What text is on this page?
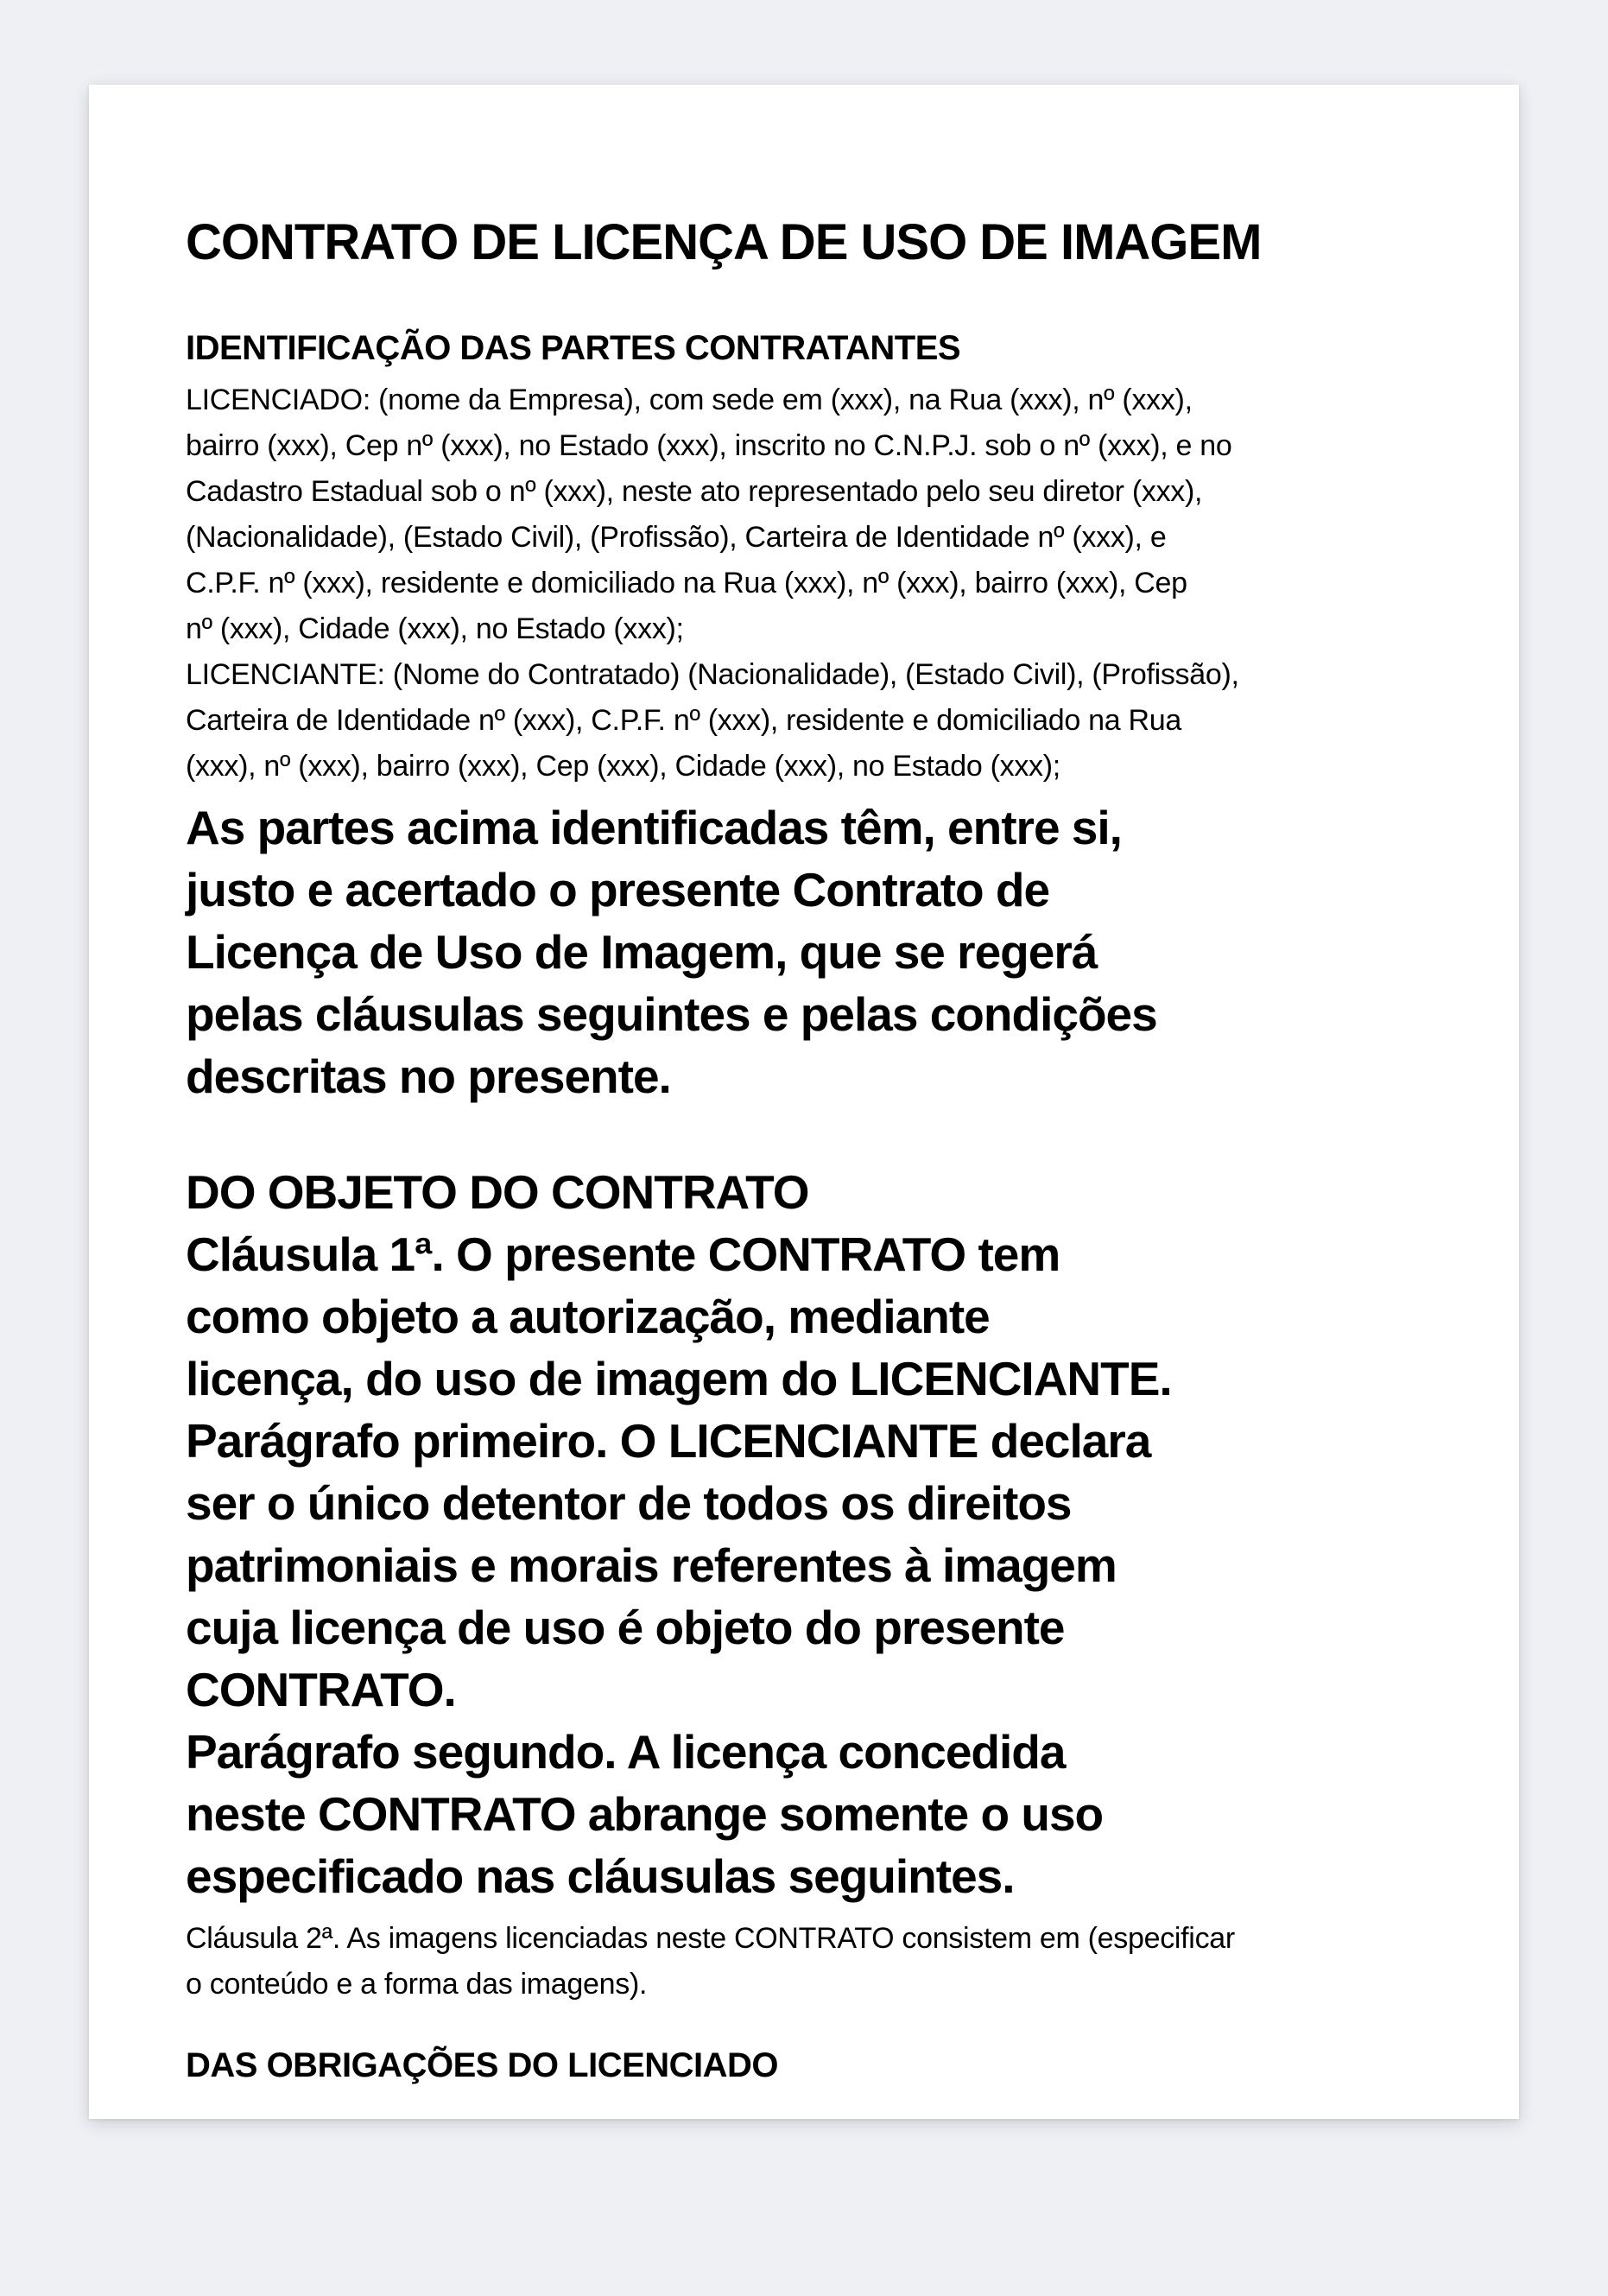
CONTRATO DE LICENÇA DE USO DE IMAGEM
IDENTIFICAÇÃO DAS PARTES CONTRATANTES
LICENCIADO: (nome da Empresa), com sede em (xxx), na Rua (xxx), nº (xxx),
bairro (xxx), Cep nº (xxx), no Estado (xxx), inscrito no C.N.P.J. sob o nº (xxx), e no
Cadastro Estadual sob o nº (xxx), neste ato representado pelo seu diretor (xxx),
(Nacionalidade), (Estado Civil), (Profissão), Carteira de Identidade nº (xxx), e
C.P.F. nº (xxx), residente e domiciliado na Rua (xxx), nº (xxx), bairro (xxx), Cep
nº (xxx), Cidade (xxx), no Estado (xxx);
LICENCIANTE: (Nome do Contratado) (Nacionalidade), (Estado Civil), (Profissão),
Carteira de Identidade nº (xxx), C.P.F. nº (xxx), residente e domiciliado na Rua
(xxx), nº (xxx), bairro (xxx), Cep (xxx), Cidade (xxx), no Estado (xxx);
As partes acima identificadas têm, entre si,
justo e acertado o presente Contrato de
Licença de Uso de Imagem, que se regerá
pelas cláusulas seguintes e pelas condições
descritas no presente.
DO OBJETO DO CONTRATO
Cláusula 1ª. O presente CONTRATO tem
como objeto a autorização, mediante
licença, do uso de imagem do LICENCIANTE.
Parágrafo primeiro. O LICENCIANTE declara
ser o único detentor de todos os direitos
patrimoniais e morais referentes à imagem
cuja licença de uso é objeto do presente
CONTRATO.
Parágrafo segundo. A licença concedida
neste CONTRATO abrange somente o uso
especificado nas cláusulas seguintes.
Cláusula 2ª. As imagens licenciadas neste CONTRATO consistem em (especificar
o conteúdo e a forma das imagens).
DAS OBRIGAÇÕES DO LICENCIADO
